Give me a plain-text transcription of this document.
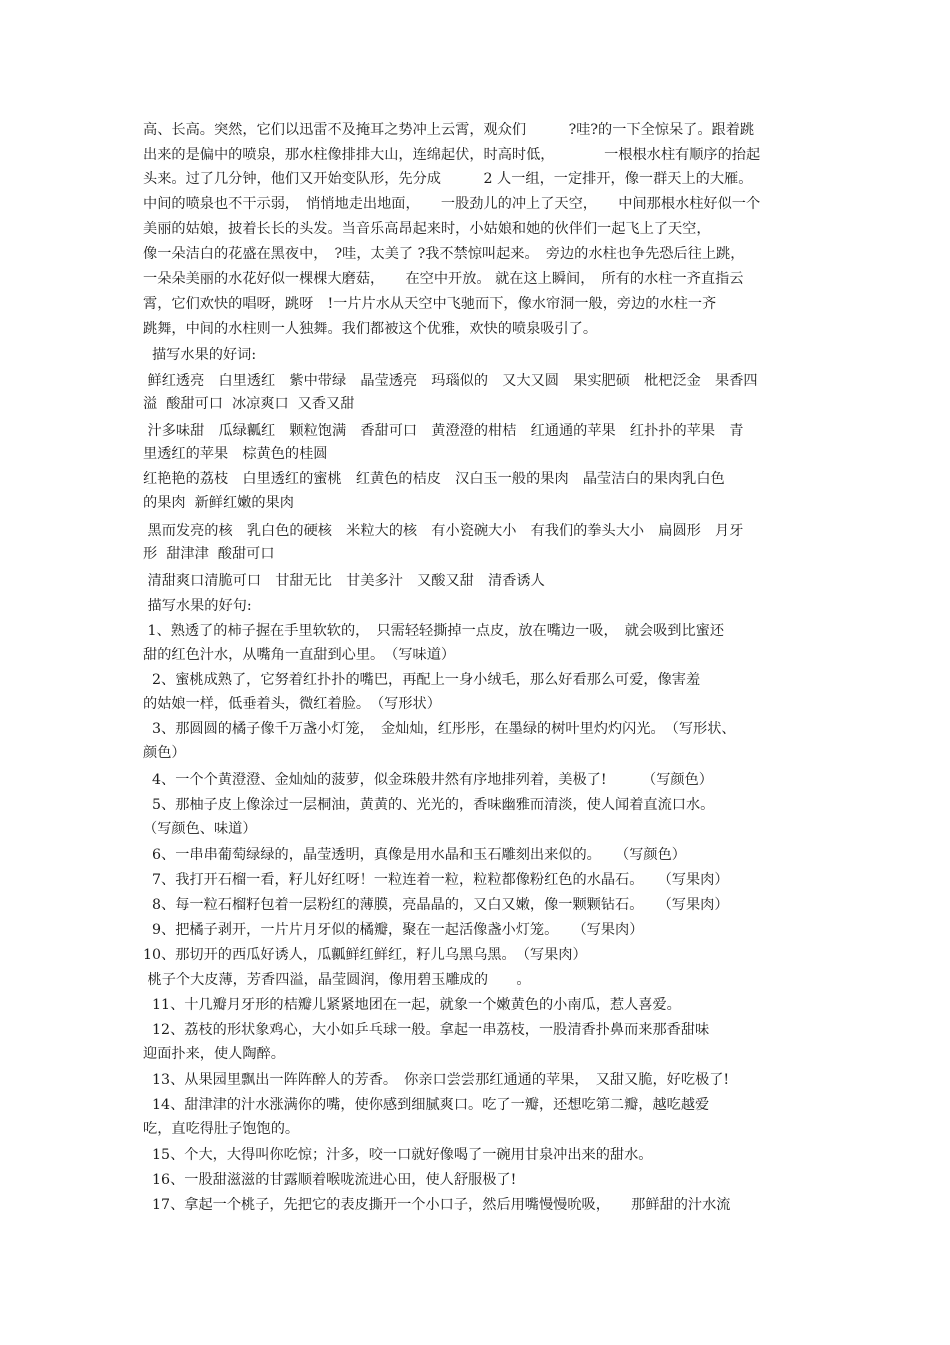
高、长高。突然，它们以迅雷不及掩耳之势冲上云霄，观众们　　　?哇?的一下全惊呆了。跟着跳

出来的是偏中的喷泉，那水柱像排排大山，连绵起伏，时高时低，　　　　一根根水柱有顺序的抬起

头来。过了几分钟，他们又开始变队形，先分成　　　2 人一组，一定排开，像一群天上的大雁。

中间的喷泉也不干示弱，　悄悄地走出地面，　　一股劲儿的冲上了天空，　　中间那根水柱好似一个

美丽的姑娘，披着长长的头发。当音乐高昂起来时，小姑娘和她的伙伴们一起飞上了天空，

像一朵洁白的花盛在黑夜中，　?哇，太美了 ?我不禁惊叫起来。　旁边的水柱也争先恐后往上跳，

一朵朵美丽的水花好似一棵棵大磨菇，　　在空中开放。 就在这上瞬间，　所有的水柱一齐直指云

霄，它们欢快的唱呀，跳呀　!一片片水从天空中飞驰而下，像水帘洞一般，旁边的水柱一齐

跳舞，中间的水柱则一人独舞。我们都被这个优雅，欢快的喷泉吸引了。

描写水果的好词:

鲜红透亮　白里透红　紫中带绿　晶莹透亮　玛瑙似的　又大又圆　果实肥硕　枇杷泛金　果香四

溢  酸甜可口  冰凉爽口  又香又甜

汁多味甜　瓜绿瓤红　颗粒饱满　香甜可口　黄澄澄的柑桔　红通通的苹果　红扑扑的苹果　青

里透红的苹果　棕黄色的桂圆

红艳艳的荔枝　白里透红的蜜桃　红黄色的桔皮　汉白玉一般的果肉　晶莹洁白的果肉乳白色

的果肉  新鲜红嫩的果肉

黑而发亮的核　乳白色的硬核　米粒大的核　有小瓷碗大小　有我们的拳头大小　扁圆形　月牙

形  甜津津  酸甜可口

清甜爽口清脆可口　甘甜无比　甘美多汁　又酸又甜　清香诱人

描写水果的好句:

1、熟透了的柿子握在手里软软的，　只需轻轻撕掉一点皮，放在嘴边一吸，　就会吸到比蜜还

甜的红色汁水，从嘴角一直甜到心里。　（写味道）

2、蜜桃成熟了，它努着红扑扑的嘴巴，再配上一身小绒毛，那么好看那么可爱，像害羞

的姑娘一样，低垂着头，微红着脸。　（写形状）

3、那圆圆的橘子像千万盏小灯笼，　金灿灿，红彤彤，在墨绿的树叶里灼灼闪光。　（写形状、

颜色）

4、一个个黄澄澄、金灿灿的菠萝，似金珠般井然有序地排列着，美极了!　　　（写颜色）

5、那柚子皮上像涂过一层桐油，黄黄的、光光的，香味幽雅而清淡，使人闻着直流口水。

（写颜色、味道）

6、一串串葡萄绿绿的，晶莹透明，真像是用水晶和玉石雕刻出来似的。　　（写颜色）

7、我打开石榴一看，籽儿好红呀！一粒连着一粒，粒粒都像粉红色的水晶石。　　（写果肉）

8、每一粒石榴籽包着一层粉红的薄膜，亮晶晶的，又白又嫩，像一颗颗钻石。　　（写果肉）

9、把橘子剥开，一片片月牙似的橘瓣，聚在一起活像盏小灯笼。　　（写果肉）

10、那切开的西瓜好诱人，瓜瓤鲜红鲜红，籽儿乌黑乌黑。　（写果肉）

桃子个大皮薄，芳香四溢，晶莹圆润，像用碧玉雕成的　　。

11、十几瓣月牙形的桔瓣儿紧紧地团在一起，就象一个嫩黄色的小南瓜，惹人喜爱。

12、荔枝的形状象鸡心，大小如乒乓球一般。拿起一串荔枝，一股清香扑鼻而来那香甜味

迎面扑来，使人陶醉。

13、从果园里飘出一阵阵醉人的芳香。　你亲口尝尝那红通通的苹果，　又甜又脆，好吃极了!

14、甜津津的汁水涨满你的嘴，使你感到细腻爽口。吃了一瓣，还想吃第二瓣，越吃越爱

吃，直吃得肚子饱饱的。

15、个大，大得叫你吃惊；汁多，咬一口就好像喝了一碗用甘泉冲出来的甜水。

16、一股甜滋滋的甘露顺着喉咙流进心田，使人舒服极了!

17、拿起一个桃子，先把它的表皮撕开一个小口子，然后用嘴慢慢吮吸，　　那鲜甜的汁水流
